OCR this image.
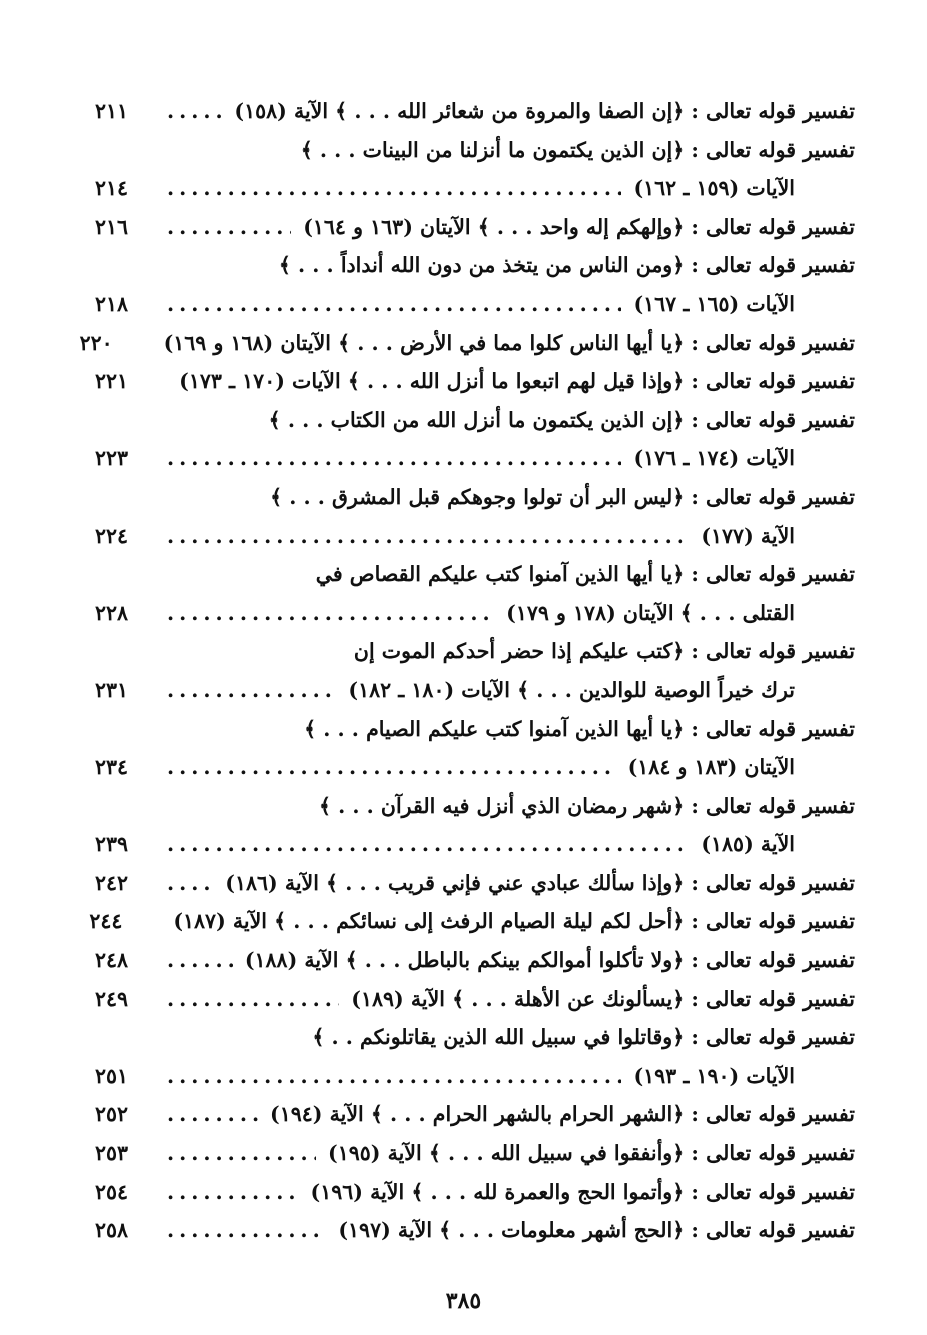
تفسير قوله تعالى : ﴿إن الصفا والمروة من شعائر الله . . . ﴾ الآية (١٥٨)
.....
٢١١
تفسير قوله تعالى : ﴿إن الذين يكتمون ما أنزلنا من البينات . . . ﴾
الآيات (١٥٩ ـ ١٦٢)
.....
٢١٤
تفسير قوله تعالى : ﴿وإلهكم إله واحد . . . ﴾ الآيتان (١٦٣ و ١٦٤)
.....
٢١٦
تفسير قوله تعالى : ﴿ومن الناس من يتخذ من دون الله أنداداً . . . ﴾
الآيات (١٦٥ ـ ١٦٧)
.....
٢١٨
تفسير قوله تعالى : ﴿يا أيها الناس كلوا مما في الأرض . . . ﴾ الآيتان (١٦٨ و ١٦٩)
٢٢٠
تفسير قوله تعالى : ﴿وإذا قيل لهم اتبعوا ما أنزل الله . . . ﴾ الآيات (١٧٠ ـ ١٧٣)
.....
٢٢١
تفسير قوله تعالى : ﴿إن الذين يكتمون ما أنزل الله من الكتاب . . . ﴾
الآيات (١٧٤ ـ ١٧٦)
.....
٢٢٣
تفسير قوله تعالى : ﴿ليس البر أن تولوا وجوهكم قبل المشرق . . . ﴾
الآية (١٧٧)
.....
٢٢٤
تفسير قوله تعالى : ﴿يا أيها الذين آمنوا كتب عليكم القصاص في
القتلى . . . ﴾ الآيتان (١٧٨ و ١٧٩)
.....
٢٢٨
تفسير قوله تعالى : ﴿كتب عليكم إذا حضر أحدكم الموت إن
ترك خيراً الوصية للوالدين . . . ﴾ الآيات (١٨٠ ـ ١٨٢)
.....
٢٣١
تفسير قوله تعالى : ﴿يا أيها الذين آمنوا كتب عليكم الصيام . . . ﴾
الآيتان (١٨٣ و ١٨٤)
.....
٢٣٤
تفسير قوله تعالى : ﴿شهر رمضان الذي أنزل فيه القرآن . . . ﴾
الآية (١٨٥)
.....
٢٣٩
تفسير قوله تعالى : ﴿وإذا سألك عبادي عني فإني قريب . . . ﴾ الآية (١٨٦)
.....
٢٤٢
تفسير قوله تعالى : ﴿أحل لكم ليلة الصيام الرفث إلى نسائكم . . . ﴾ الآية (١٨٧)
٢٤٤
تفسير قوله تعالى : ﴿ولا تأكلوا أموالكم بينكم بالباطل . . . ﴾ الآية (١٨٨)
.....
٢٤٨
تفسير قوله تعالى : ﴿يسألونك عن الأهلة . . . ﴾ الآية (١٨٩)
.....
٢٤٩
تفسير قوله تعالى : ﴿وقاتلوا في سبيل الله الذين يقاتلونكم . . ﴾
الآيات (١٩٠ ـ ١٩٣)
.....
٢٥١
تفسير قوله تعالى : ﴿الشهر الحرام بالشهر الحرام . . . ﴾ الآية (١٩٤)
.....
٢٥٢
تفسير قوله تعالى : ﴿وأنفقوا في سبيل الله . . . ﴾ الآية (١٩٥)
.....
٢٥٣
تفسير قوله تعالى : ﴿وأتموا الحج والعمرة لله . . . ﴾ الآية (١٩٦)
.....
٢٥٤
تفسير قوله تعالى : ﴿الحج أشهر معلومات . . . ﴾ الآية (١٩٧)
.....
٢٥٨
٣٨٥
